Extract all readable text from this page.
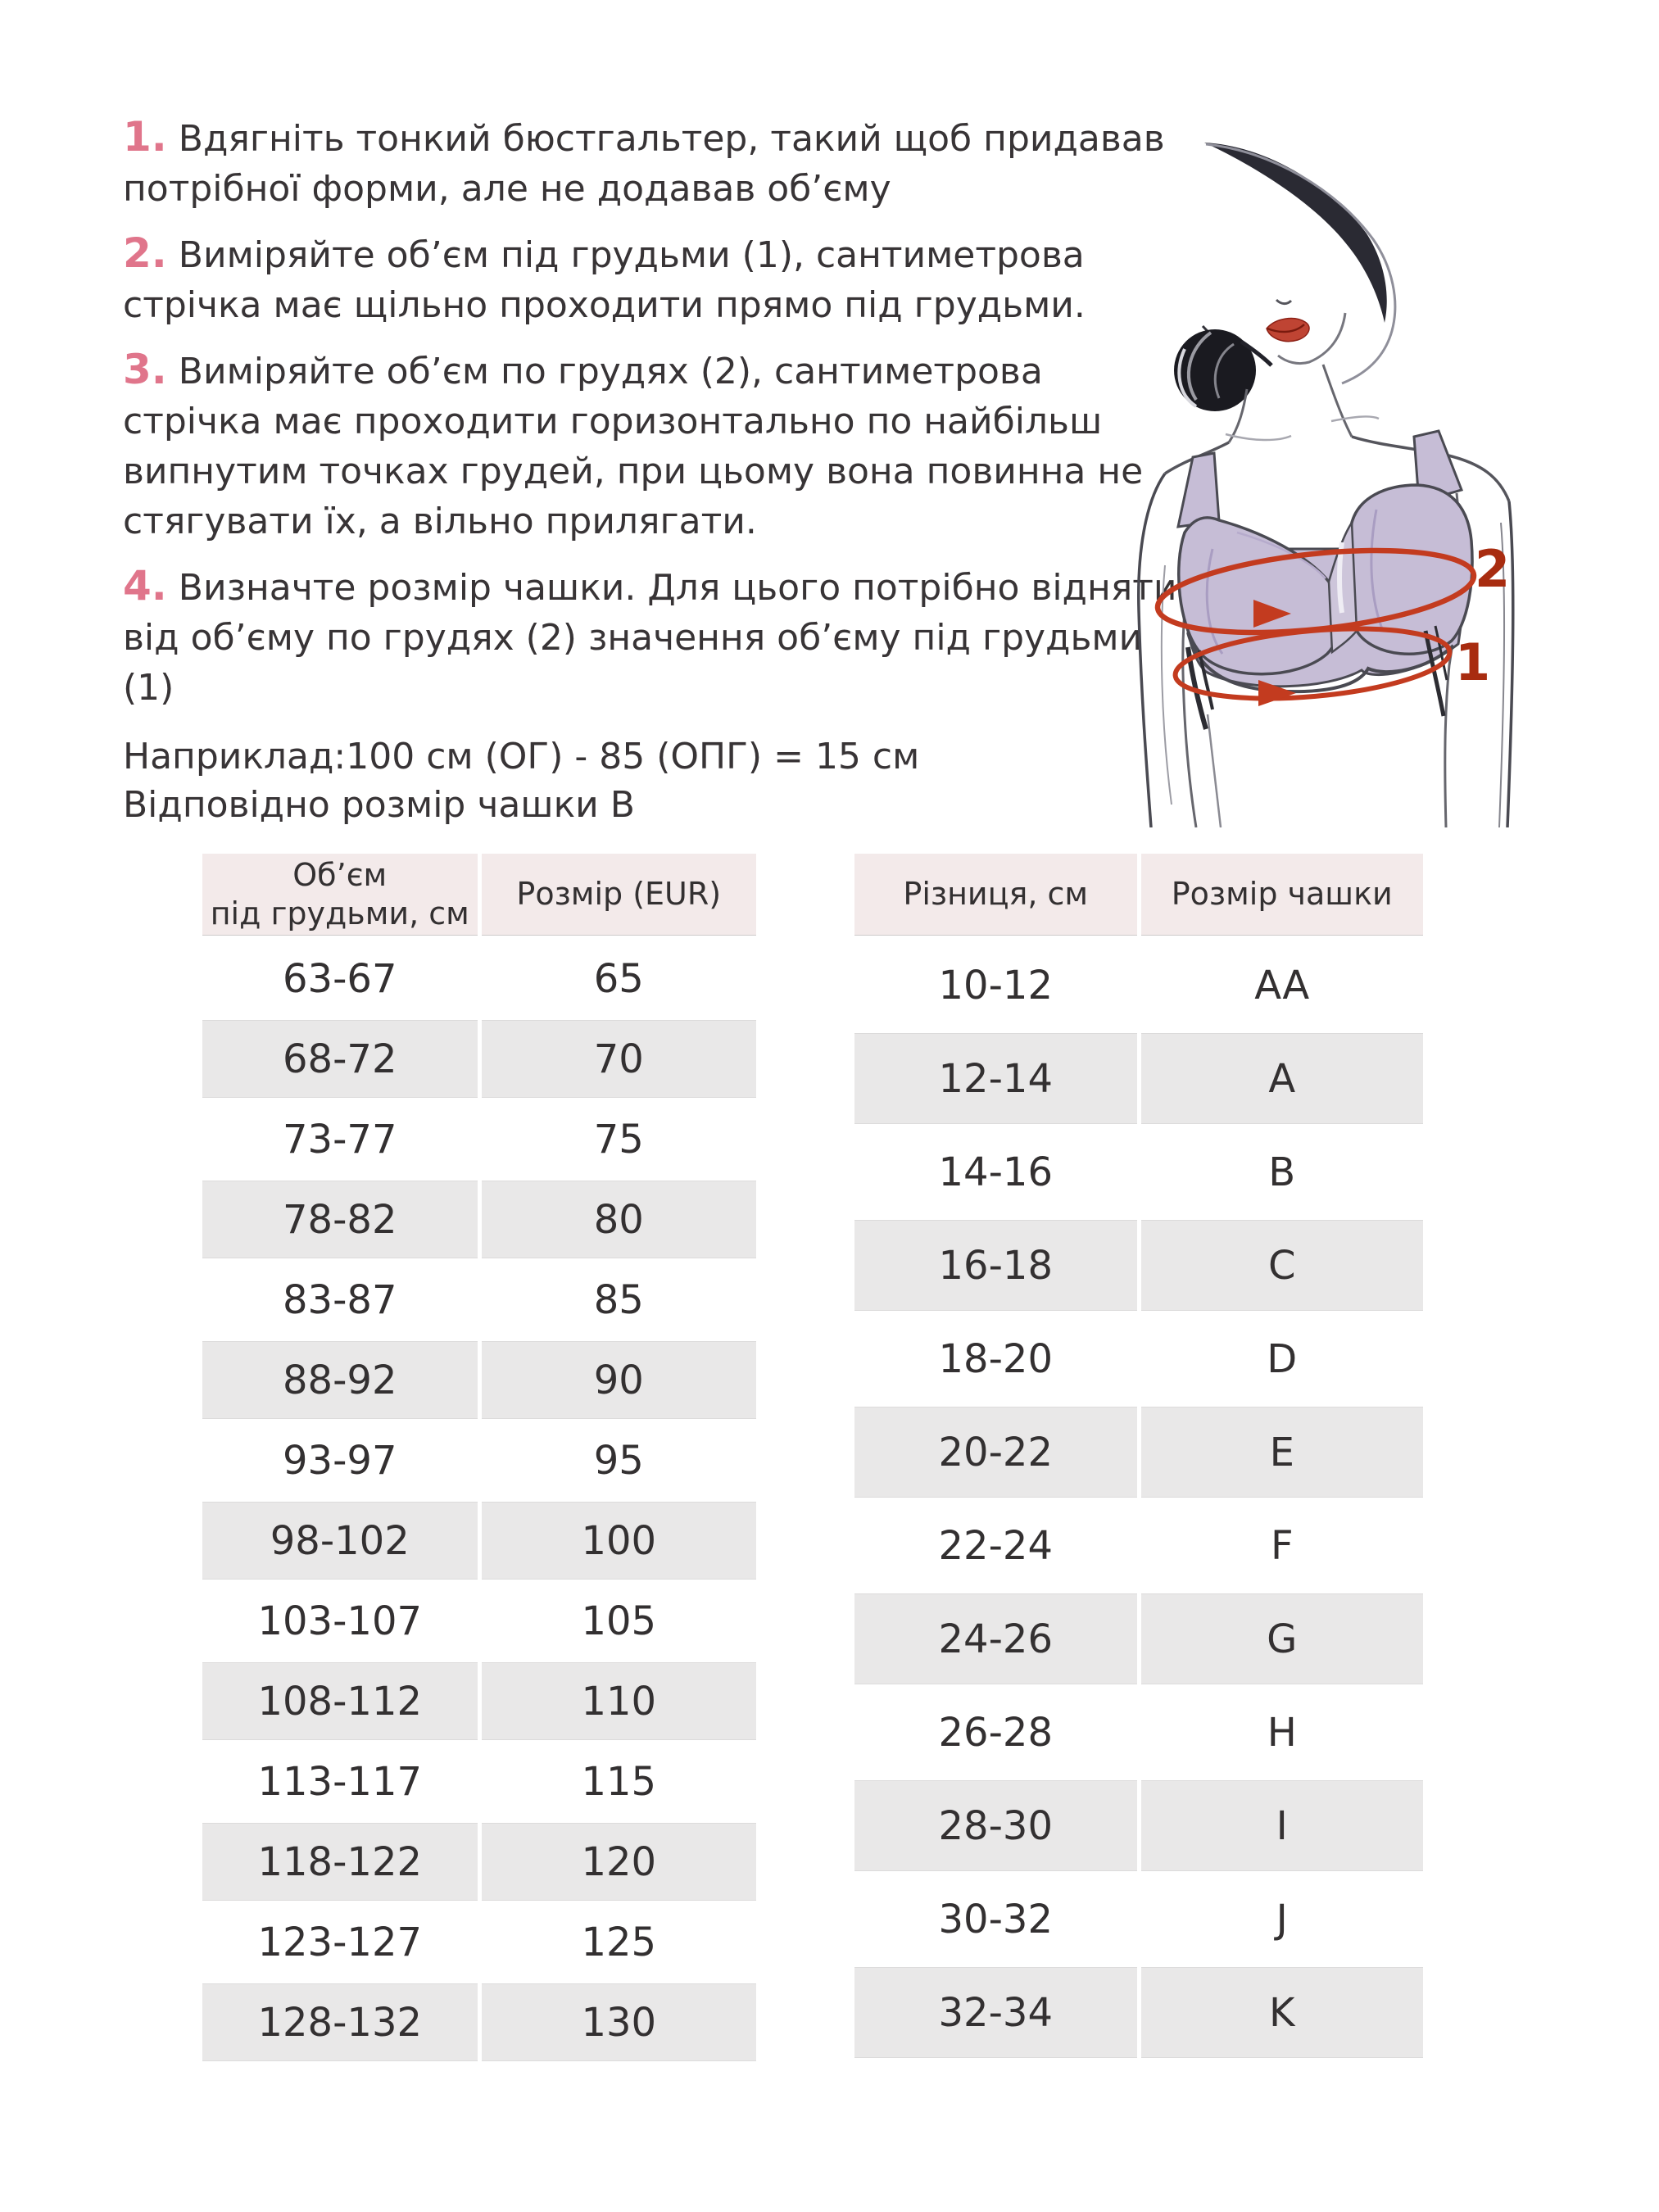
1. Вдягніть тонкий бюстгальтер, такий щоб придавав потрібної форми, але не додавав об’єму

2. Виміряйте об’єм під грудьми (1), сантиметрова стрічка має щільно проходити прямо під грудьми.

3. Виміряйте об’єм по грудях (2), сантиметрова стрічка має проходити горизонтально по найбільш випнутим точках грудей, при цьому вона повинна не стягувати їх, а вільно прилягати.

4. Визначте розмір чашки. Для цього потрібно відняти від об’єму по грудях (2) значення об’єму під грудьми (1)

Наприклад:100 см (ОГ) - 85 (ОПГ) = 15 см
Відповідно розмір чашки В

2
1
Об’єм
під грудьми, см
Розмір (EUR)
63-67	65
68-72	70
73-77	75
78-82	80
83-87	85
88-92	90
93-97	95
98-102	100
103-107	105
108-112	110
113-117	115
118-122	120
123-127	125
128-132	130
Різниця, см	Розмір чашки
10-12	AA
12-14	A
14-16	B
16-18	C
18-20	D
20-22	E
22-24	F
24-26	G
26-28	H
28-30	I
30-32	J
32-34	K
